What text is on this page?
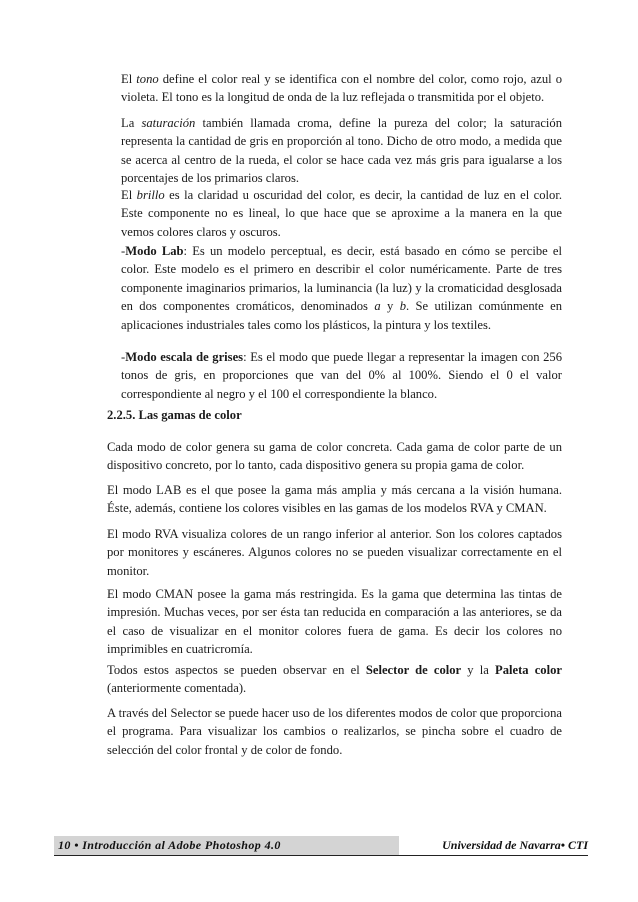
El tono define el color real y se identifica con el nombre del color, como rojo, azul o violeta. El tono es la longitud de onda de la luz reflejada o transmitida por el objeto.

La saturación también llamada croma, define la pureza del color; la saturación representa la cantidad de gris en proporción al tono. Dicho de otro modo, a medida que se acerca al centro de la rueda, el color se hace cada vez más gris para igualarse a los porcentajes de los primarios claros.

El brillo es la claridad u oscuridad del color, es decir, la cantidad de luz en el color. Este componente no es lineal, lo que hace que se aproxime a la manera en la que vemos colores claros y oscuros.

-Modo Lab: Es un modelo perceptual, es decir, está basado en cómo se percibe el color. Este modelo es el primero en describir el color numéricamente. Parte de tres componente imaginarios primarios, la luminancia (la luz) y la cromaticidad desglosada en dos componentes cromáticos, denominados a y b. Se utilizan comúnmente en aplicaciones industriales tales como los plásticos, la pintura y los textiles.

-Modo escala de grises: Es el modo que puede llegar a representar la imagen con 256 tonos de gris, en proporciones que van del 0% al 100%. Siendo el 0 el valor correspondiente al negro y el 100 el correspondiente la blanco.

2.2.5. Las gamas de color

Cada modo de color genera su gama de color concreta. Cada gama de color parte de un dispositivo concreto, por lo tanto, cada dispositivo genera su propia gama de color.

El modo LAB es el que posee la gama más amplia y más cercana a la visión humana. Éste, además, contiene los colores visibles en las gamas de los modelos RVA y CMAN.

El modo RVA visualiza colores de un rango inferior al anterior. Son los colores captados por monitores y escáneres. Algunos colores no se pueden visualizar correctamente en el monitor.

El modo CMAN posee la gama más restringida. Es la gama que determina las tintas de impresión. Muchas veces, por ser ésta tan reducida en comparación a las anteriores, se da el caso de visualizar en el monitor colores fuera de gama. Es decir los colores no imprimibles en cuatricromía.

Todos estos aspectos se pueden observar en el Selector de color y la Paleta color (anteriormente comentada).

A través del Selector se puede hacer uso de los diferentes modos de color que proporciona el programa. Para visualizar los cambios o realizarlos, se pincha sobre el cuadro de selección del color frontal y de color de fondo.

10 • Introducción al Adobe Photoshop 4.0	Universidad de Navarra• CTI
